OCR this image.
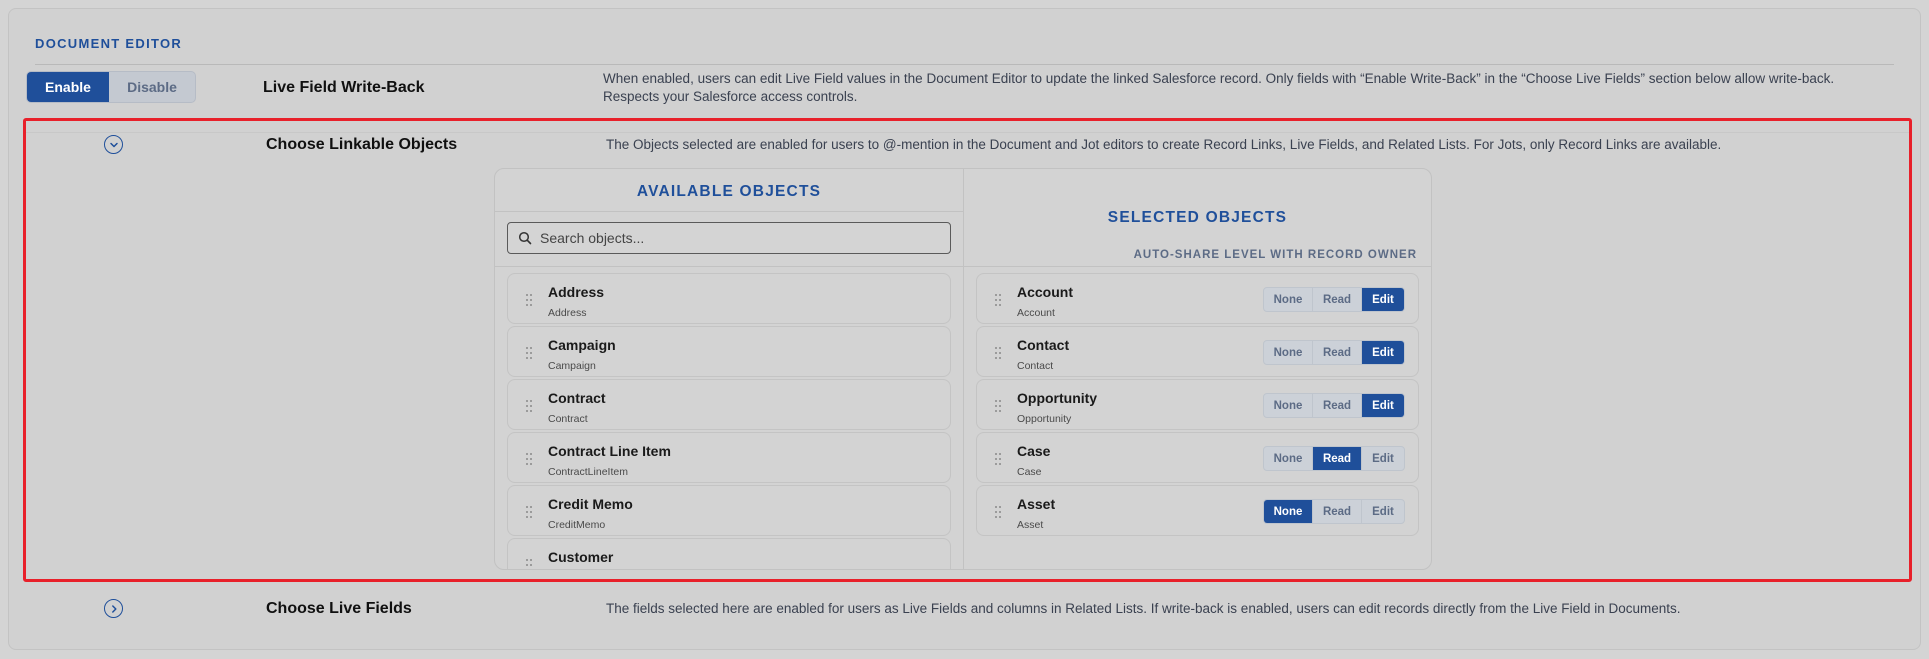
DOCUMENT EDITOR
Enable	Disable	Live Field Write-Back
When enabled, users can edit Live Field values in the Document Editor to update the linked Salesforce record. Only fields with “Enable Write-Back” in the “Choose Live Fields” section below allow write-back. Respects your Salesforce access controls.
Choose Linkable Objects	The Objects selected are enabled for users to @-mention in the Document and Jot editors to create Record Links, Live Fields, and Related Lists. For Jots, only Record Links are available.
AVAILABLE OBJECTS
Search objects...
Address
Address
Campaign
Campaign
Contract
Contract
Contract Line Item
ContractLineItem
Credit Memo
CreditMemo
Customer
SELECTED OBJECTS
AUTO-SHARE LEVEL WITH RECORD OWNER
Account
Account
None	Read	Edit
Contact
Contact
None	Read	Edit
Opportunity
Opportunity
None	Read	Edit
Case
Case
None	Read	Edit
Asset
Asset
None	Read	Edit
Choose Live Fields	The fields selected here are enabled for users as Live Fields and columns in Related Lists. If write-back is enabled, users can edit records directly from the Live Field in Documents.
